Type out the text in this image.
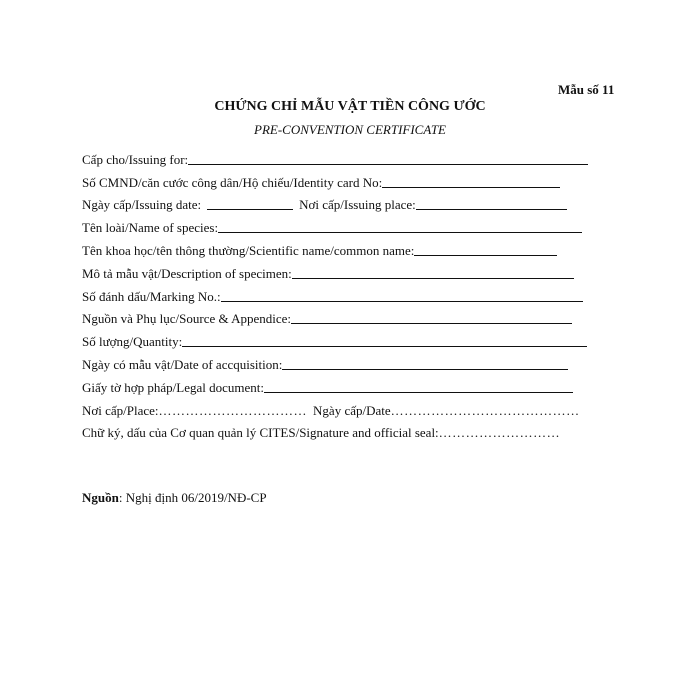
Mẫu số 11
CHỨNG CHỈ MẪU VẬT TIỀN CÔNG ƯỚC
PRE-CONVENTION CERTIFICATE
Cấp cho/Issuing for:
Số CMND/căn cước công dân/Hộ chiếu/Identity card No:
Ngày cấp/Issuing date:	Nơi cấp/Issuing place:
Tên loài/Name of species:
Tên khoa học/tên thông thường/Scientific name/common name:
Mô tả mẫu vật/Description of specimen:
Số đánh dấu/Marking No.:
Nguồn và Phụ lục/Source & Appendice:
Số lượng/Quantity:
Ngày có mẫu vật/Date of accquisition:
Giấy tờ hợp pháp/Legal document:
Nơi cấp/Place: …………………………… Ngày cấp/Date ……………………………………
Chữ ký, dấu của Cơ quan quản lý CITES/Signature and official seal: ………………………
Nguồn: Nghị định 06/2019/NĐ-CP
